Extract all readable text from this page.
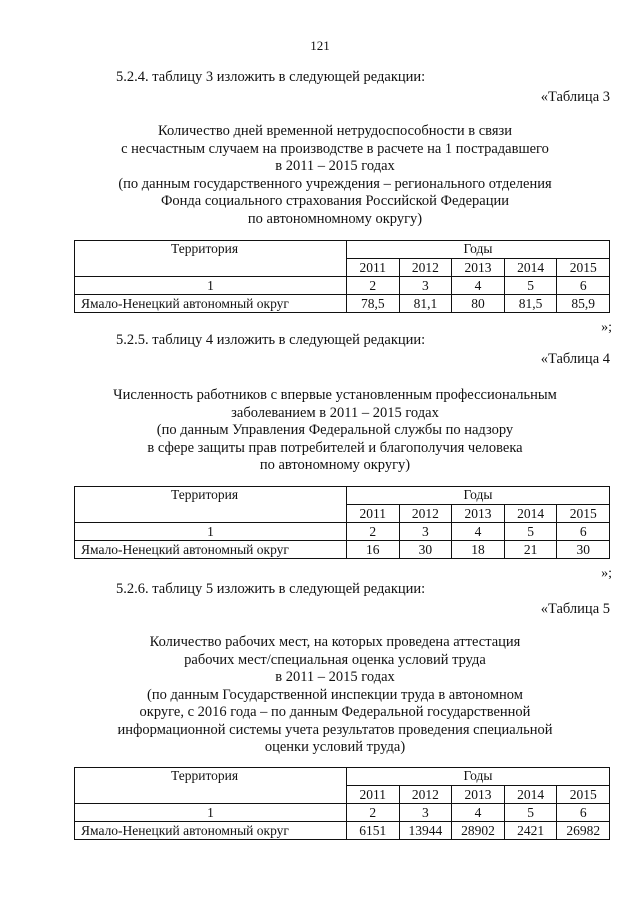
121
5.2.4. таблицу 3 изложить в следующей редакции:
«Таблица 3
Количество дней временной нетрудоспособности в связи
с несчастным случаем на производстве в расчете на 1 пострадавшего
в 2011 – 2015 годах
(по данным государственного учреждения – регионального отделения
Фонда социального страхования Российской Федерации
по автономномному округу)
Территория	Годы				
	2011	2012	2013	2014	2015
1	2	3	4	5	6
Ямало-Ненецкий автономный округ	78,5	81,1	80	81,5	85,9
»;
5.2.5. таблицу 4 изложить в следующей редакции:
«Таблица 4
Численность работников с впервые установленным профессиональным
заболеванием в 2011 – 2015 годах
(по данным Управления Федеральной службы по надзору
в сфере защиты прав потребителей и благополучия человека
по автономному округу)
Территория	Годы				
	2011	2012	2013	2014	2015
1	2	3	4	5	6
Ямало-Ненецкий автономный округ	16	30	18	21	30
»;
5.2.6. таблицу 5 изложить в следующей редакции:
«Таблица 5
Количество рабочих мест, на которых проведена аттестация
рабочих мест/специальная оценка условий труда
в 2011 – 2015 годах
(по данным Государственной инспекции труда в автономном
округе, с 2016 года – по данным Федеральной государственной
информационной системы учета результатов проведения специальной
оценки условий труда)
Территория	Годы				
	2011	2012	2013	2014	2015
1	2	3	4	5	6
Ямало-Ненецкий автономный округ	6151	13944	28902	2421	26982
